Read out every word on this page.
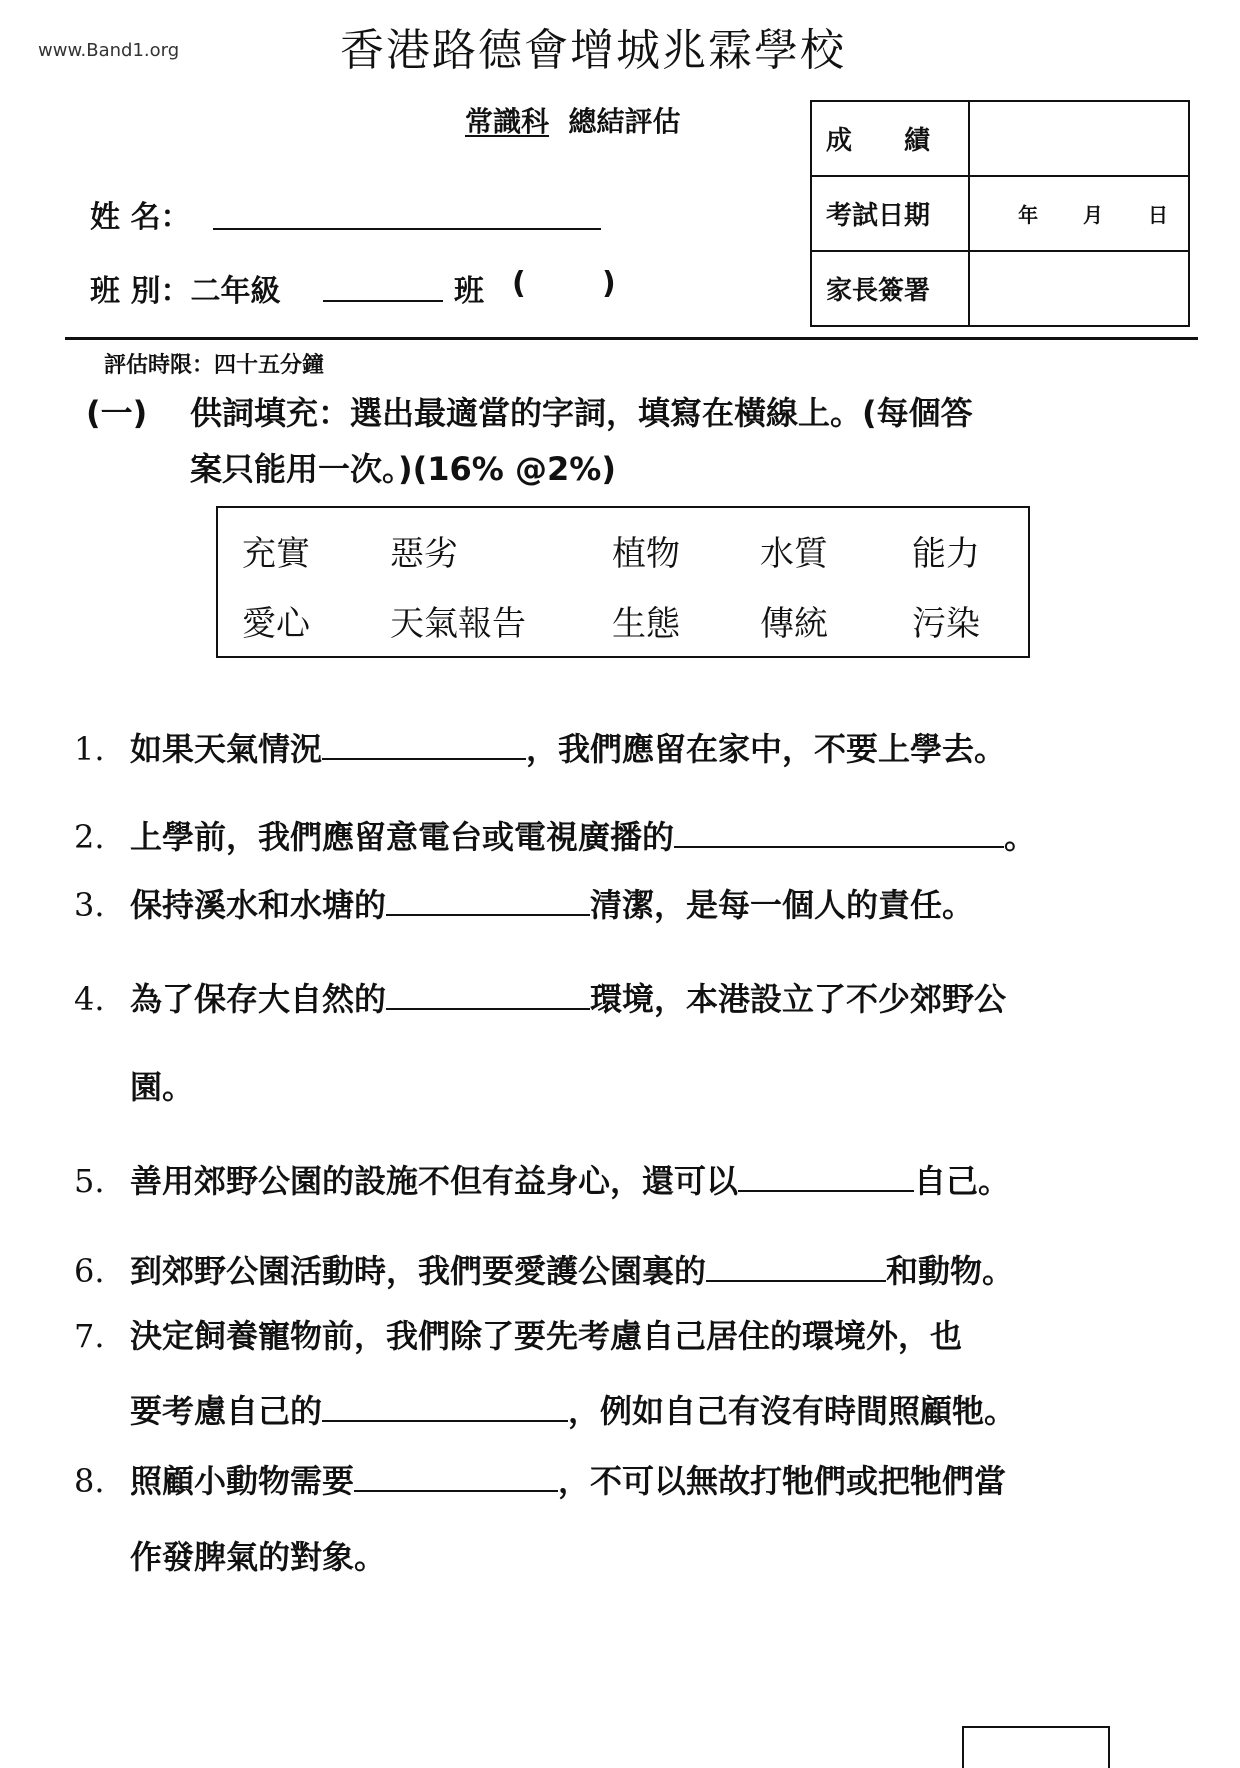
www.Band1.org	香港路德會增城兆霖學校
常識科 總結評估
姓 名：
班 別：二年級	班 (	)
成　　績	
考試日期	年 　月　 日
家長簽署	
評估時限：四十五分鐘
(一) 供詞填充：選出最適當的字詞，填寫在橫線上。(每個答
案只能用一次。)(16% @2%)
充實 惡劣	植物 水質 能力
愛心 天氣報告	生態 傳統 污染
1. 如果天氣情況	，我們應留在家中，不要上學去。
2. 上學前，我們應留意電台或電視廣播的	。
3. 保持溪水和水塘的	清潔，是每一個人的責任。
4. 為了保存大自然的	環境，本港設立了不少郊野公
園。
5. 善用郊野公園的設施不但有益身心，還可以	自己。
6. 到郊野公園活動時，我們要愛護公園裏的	和動物。
7. 決定飼養寵物前，我們除了要先考慮自己居住的環境外，也
要考慮自己的	，例如自己有沒有時間照顧牠。
8. 照顧小動物需要	，不可以無故打牠們或把牠們當
作發脾氣的對象。
